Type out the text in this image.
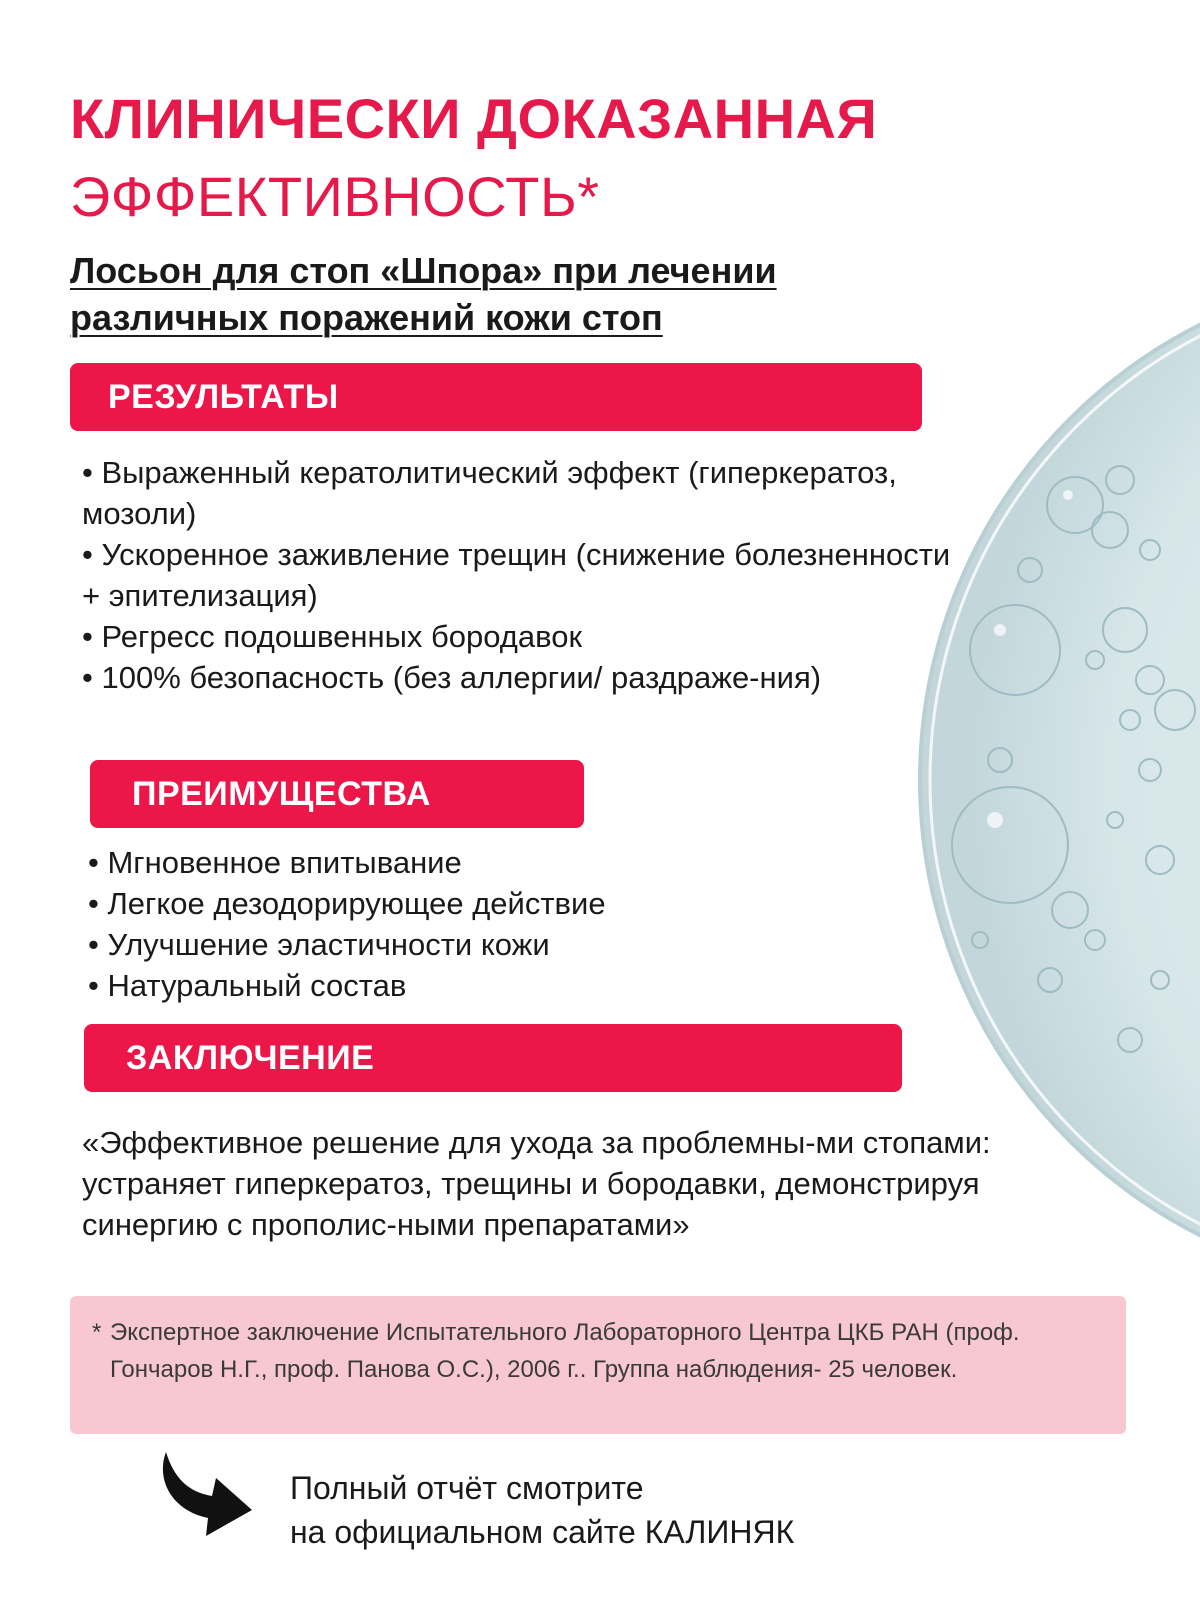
КЛИНИЧЕСКИ ДОКАЗАННАЯ
ЭФФЕКТИВНОСТЬ*
Лосьон для стоп «Шпора» при лечении
различных поражений кожи стоп
РЕЗУЛЬТАТЫ
• Выраженный кератолитический эффект (гиперкератоз, мозоли)
• Ускоренное заживление трещин (снижение болезненности + эпителизация)
• Регресс подошвенных бородавок
• 100% безопасность (без аллергии/ раздраже-ния)
ПРЕИМУЩЕСТВА
• Мгновенное впитывание
• Легкое дезодорирующее действие
• Улучшение эластичности кожи
• Натуральный состав
ЗАКЛЮЧЕНИЕ
«Эффективное решение для ухода за проблемны-ми стопами: устраняет гиперкератоз, трещины и бородавки, демонстрируя синергию с прополис-ными препаратами»
* Экспертное заключение Испытательного Лабораторного Центра ЦКБ РАН (проф. Гончаров Н.Г., проф. Панова О.С.), 2006 г.. Группа наблюдения- 25 человек.
Полный отчёт смотрите
на официальном сайте КАЛИНЯК
